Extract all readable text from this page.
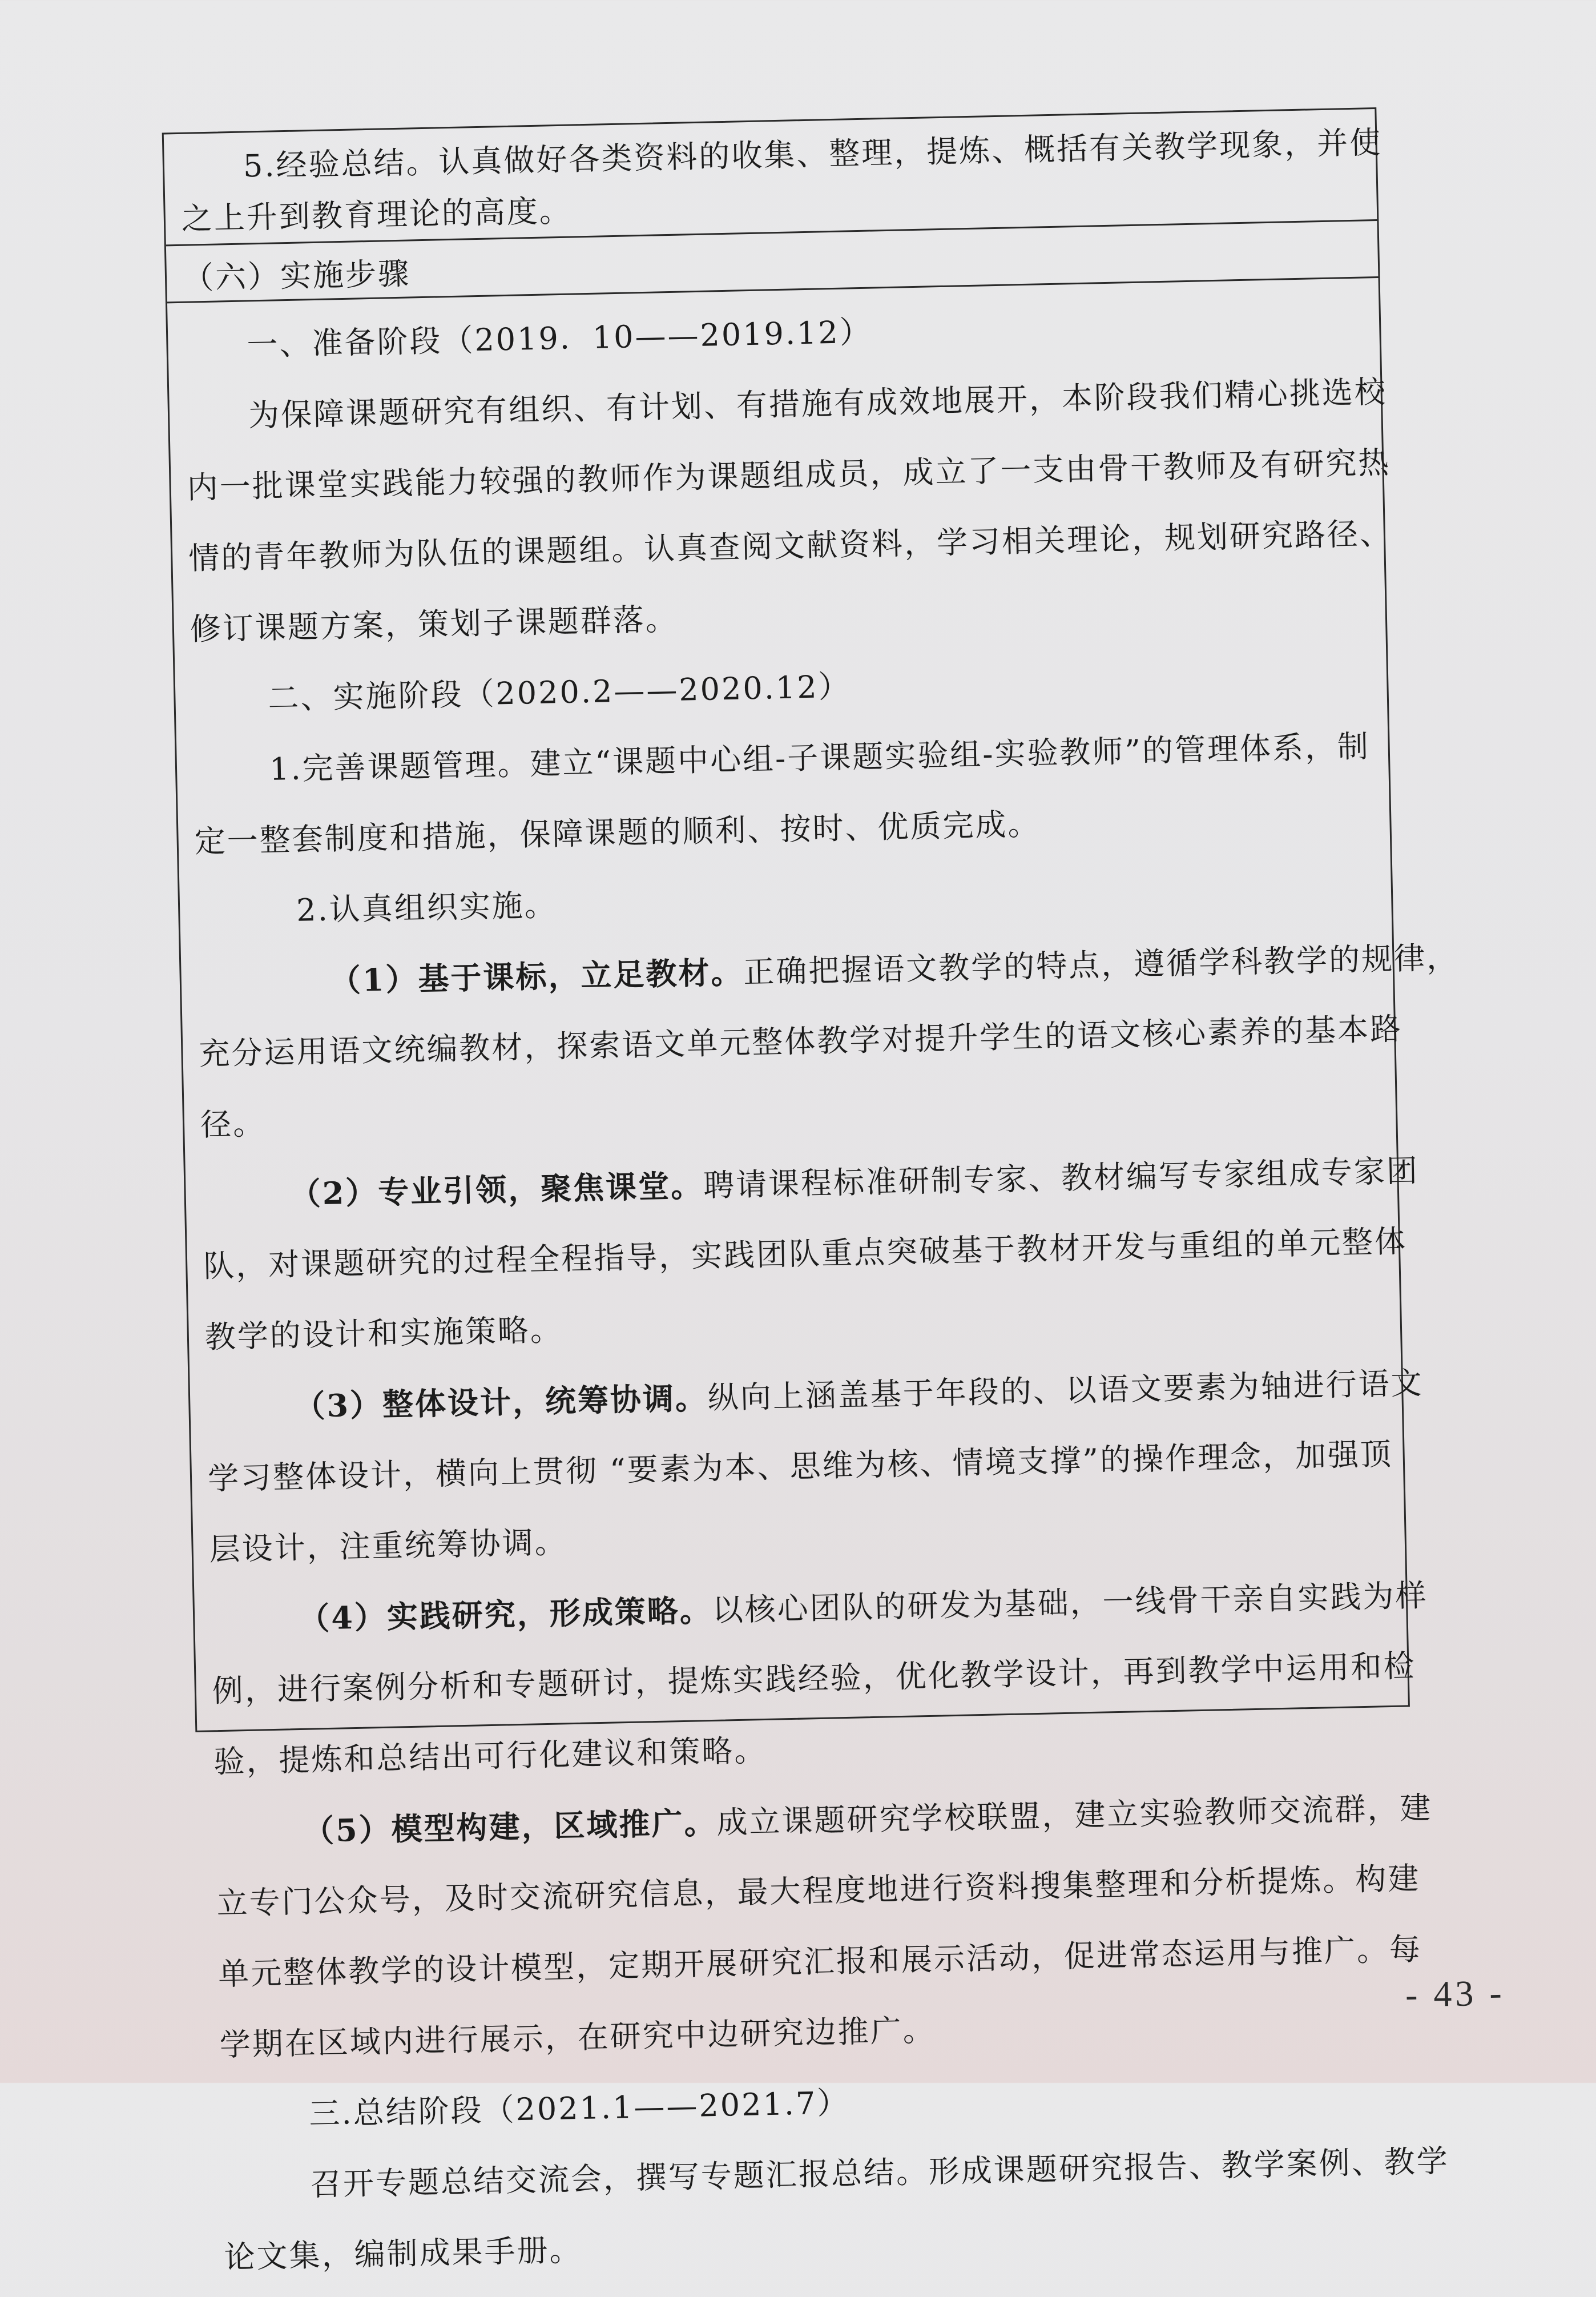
5.经验总结。认真做好各类资料的收集、整理，提炼、概括有关教学现象，并使

之上升到教育理论的高度。

（六）实施步骤

一、准备阶段（2019．10——2019.12）

为保障课题研究有组织、有计划、有措施有成效地展开，本阶段我们精心挑选校

内一批课堂实践能力较强的教师作为课题组成员，成立了一支由骨干教师及有研究热

情的青年教师为队伍的课题组。认真查阅文献资料，学习相关理论，规划研究路径、

修订课题方案，策划子课题群落。

二、实施阶段（2020.2——2020.12）

1.完善课题管理。建立“课题中心组-子课题实验组-实验教师”的管理体系，制

定一整套制度和措施，保障课题的顺利、按时、优质完成。

2.认真组织实施。

（1）基于课标，立足教材。正确把握语文教学的特点，遵循学科教学的规律，

充分运用语文统编教材，探索语文单元整体教学对提升学生的语文核心素养的基本路

径。

（2）专业引领，聚焦课堂。聘请课程标准研制专家、教材编写专家组成专家团

队，对课题研究的过程全程指导，实践团队重点突破基于教材开发与重组的单元整体

教学的设计和实施策略。

（3）整体设计，统筹协调。纵向上涵盖基于年段的、以语文要素为轴进行语文

学习整体设计，横向上贯彻 “要素为本、思维为核、情境支撑”的操作理念，加强顶

层设计，注重统筹协调。

（4）实践研究，形成策略。以核心团队的研发为基础，一线骨干亲自实践为样

例，进行案例分析和专题研讨，提炼实践经验，优化教学设计，再到教学中运用和检

验，提炼和总结出可行化建议和策略。

（5）模型构建，区域推广。成立课题研究学校联盟，建立实验教师交流群，建

立专门公众号，及时交流研究信息，最大程度地进行资料搜集整理和分析提炼。构建

单元整体教学的设计模型，定期开展研究汇报和展示活动，促进常态运用与推广。每

学期在区域内进行展示，在研究中边研究边推广。

三.总结阶段（2021.1——2021.7）

召开专题总结交流会，撰写专题汇报总结。形成课题研究报告、教学案例、教学

论文集，编制成果手册。

- 43 -
